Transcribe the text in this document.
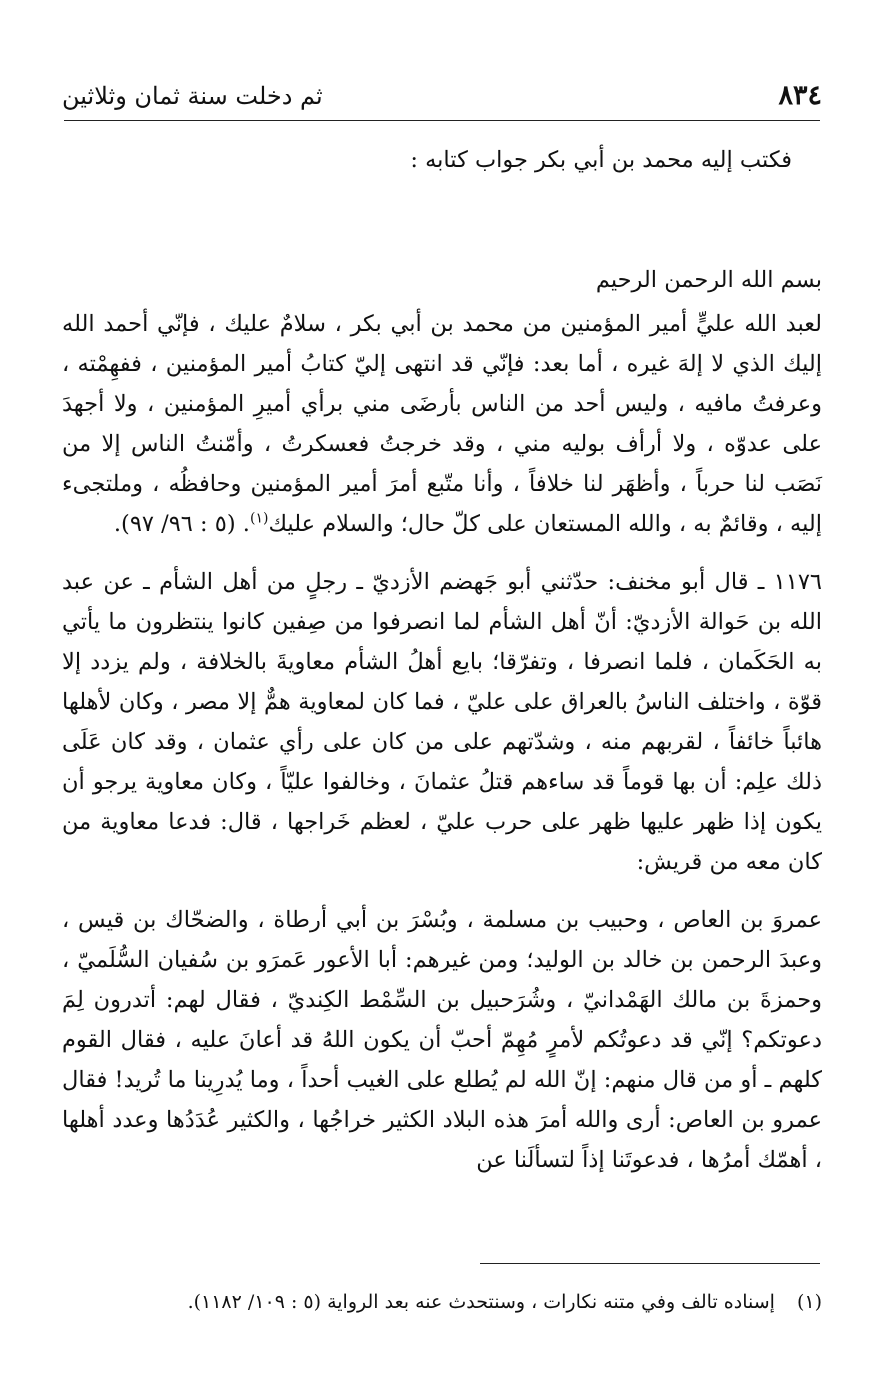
٨٣٤
ثم دخلت سنة ثمان وثلاثين

فكتب إليه محمد بن أبي بكر جواب كتابه :

بسم الله الرحمن الرحيم

لعبد الله عليٍّ أمير المؤمنين من محمد بن أبي بكر ، سلامٌ عليك ، فإنّي أحمد الله إليك الذي لا إلهَ غيره ، أما بعد: فإنّي قد انتهى إليّ كتابُ أمير المؤمنين ، ففهِمْته ، وعرفتُ مافيه ، وليس أحد من الناس بأرضَى مني برأي أميرِ المؤمنين ، ولا أجهدَ على عدوّه ، ولا أرأف بوليه مني ، وقد خرجتُ فعسكرتُ ، وأمّنتُ الناس إلا من نَصَب لنا حرباً ، وأظهَر لنا خلافاً ، وأنا متّبع أمرَ أمير المؤمنين وحافظُه ، وملتجىء إليه ، وقائمٌ به ، والله المستعان على كلّ حال؛ والسلام عليك$^{(١)}$. (٥ : ٩٦/ ٩٧).

١١٧٦ ـ قال أبو مخنف: حدّثني أبو جَهضم الأزديّ ـ رجلٍ من أهل الشأم ـ عن عبد الله بن حَوالة الأزديّ: أنّ أهل الشأم لما انصرفوا من صِفين كانوا ينتظرون ما يأتي به الحَكَمان ، فلما انصرفا ، وتفرّقا؛ بايع أهلُ الشأم معاويةَ بالخلافة ، ولم يزدد إلا قوّة ، واختلف الناسُ بالعراق على عليّ ، فما كان لمعاوية همٌّ إلا مصر ، وكان لأهلها هائباً خائفاً ، لقربهم منه ، وشدّتهم على من كان على رأي عثمان ، وقد كان عَلَى ذلك علِم: أن بها قوماً قد ساءهم قتلُ عثمانَ ، وخالفوا عليّاً ، وكان معاوية يرجو أن يكون إذا ظهر عليها ظهر على حرب عليّ ، لعظم خَراجها ، قال: فدعا معاوية من كان معه من قريش:

عمروَ بن العاص ، وحبيب بن مسلمة ، وبُسْرَ بن أبي أرطاة ، والضحّاك بن قيس ، وعبدَ الرحمن بن خالد بن الوليد؛ ومن غيرهم: أبا الأعور عَمرَو بن سُفيان السُّلَميّ ، وحمزةَ بن مالك الهَمْدانيّ ، وشُرَحبيل بن السِّمْط الكِنديّ ، فقال لهم: أتدرون لِمَ دعوتكم؟ إنّي قد دعوتُكم لأمرٍ مُهِمّ أحبّ أن يكون اللهُ قد أعانَ عليه ، فقال القوم كلهم ـ أو من قال منهم: إنّ الله لم يُطلع على الغيب أحداً ، وما يُدرِينا ما تُريد! فقال عمرو بن العاص: أرى والله أمرَ هذه البلاد الكثير خراجُها ، والكثير عُدَدُها وعدد أهلها ، أهمّك أمرُها ، فدعوتَنا إذاً لتسألَنا عن

(١)إسناده تالف وفي متنه نكارات ، وسنتحدث عنه بعد الرواية (٥ : ١٠٩/ ١١٨٢).
